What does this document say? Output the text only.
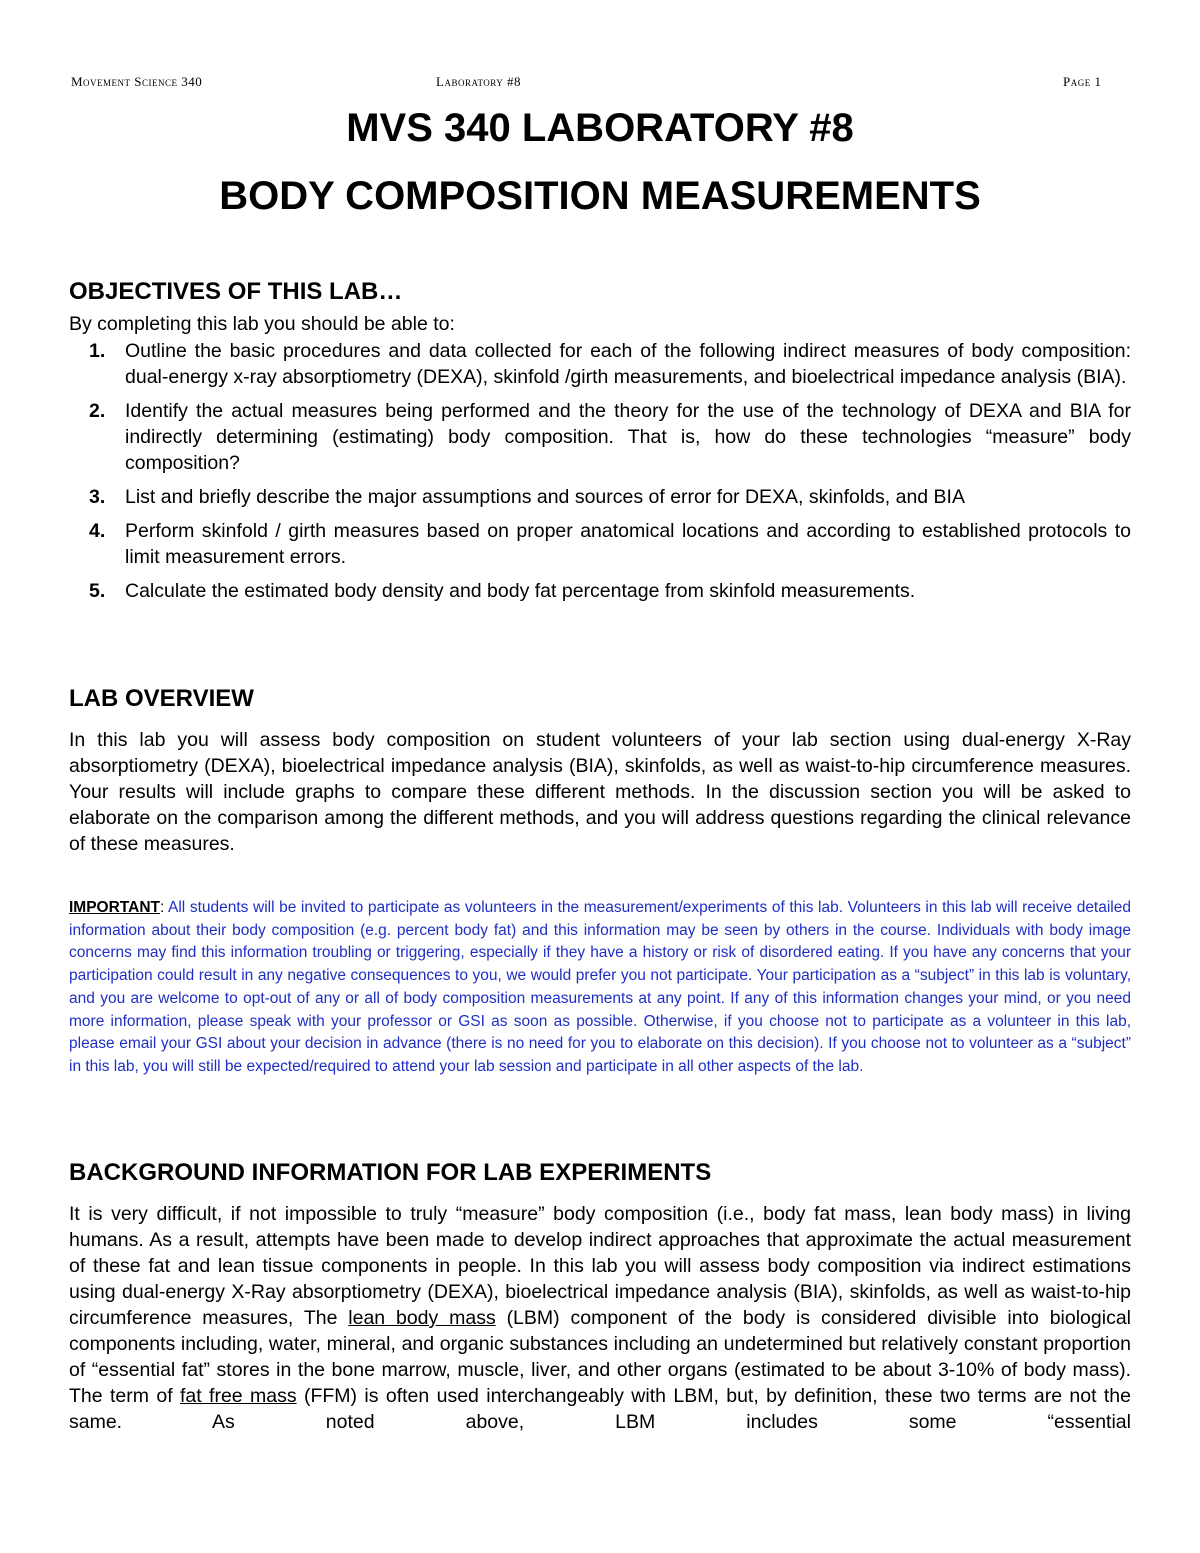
Movement Science 340	Laboratory #8	Page 1
MVS 340 LABORATORY #8
BODY COMPOSITION MEASUREMENTS
OBJECTIVES OF THIS LAB…
By completing this lab you should be able to:
1. Outline the basic procedures and data collected for each of the following indirect measures of body composition: dual-energy x-ray absorptiometry (DEXA), skinfold /girth measurements, and bioelectrical impedance analysis (BIA).
2. Identify the actual measures being performed and the theory for the use of the technology of DEXA and BIA for indirectly determining (estimating) body composition. That is, how do these technologies “measure” body composition?
3. List and briefly describe the major assumptions and sources of error for DEXA, skinfolds, and BIA
4. Perform skinfold / girth measures based on proper anatomical locations and according to established protocols to limit measurement errors.
5. Calculate the estimated body density and body fat percentage from skinfold measurements.
LAB OVERVIEW
In this lab you will assess body composition on student volunteers of your lab section using dual-energy X-Ray absorptiometry (DEXA), bioelectrical impedance analysis (BIA), skinfolds, as well as waist-to-hip circumference measures. Your results will include graphs to compare these different methods. In the discussion section you will be asked to elaborate on the comparison among the different methods, and you will address questions regarding the clinical relevance of these measures.
IMPORTANT: All students will be invited to participate as volunteers in the measurement/experiments of this lab. Volunteers in this lab will receive detailed information about their body composition (e.g. percent body fat) and this information may be seen by others in the course. Individuals with body image concerns may find this information troubling or triggering, especially if they have a history or risk of disordered eating. If you have any concerns that your participation could result in any negative consequences to you, we would prefer you not participate. Your participation as a “subject” in this lab is voluntary, and you are welcome to opt-out of any or all of body composition measurements at any point. If any of this information changes your mind, or you need more information, please speak with your professor or GSI as soon as possible. Otherwise, if you choose not to participate as a volunteer in this lab, please email your GSI about your decision in advance (there is no need for you to elaborate on this decision). If you choose not to volunteer as a “subject” in this lab, you will still be expected/required to attend your lab session and participate in all other aspects of the lab.
BACKGROUND INFORMATION FOR LAB EXPERIMENTS
It is very difficult, if not impossible to truly “measure” body composition (i.e., body fat mass, lean body mass) in living humans. As a result, attempts have been made to develop indirect approaches that approximate the actual measurement of these fat and lean tissue components in people. In this lab you will assess body composition via indirect estimations using dual-energy X-Ray absorptiometry (DEXA), bioelectrical impedance analysis (BIA), skinfolds, as well as waist-to-hip circumference measures, The lean body mass (LBM) component of the body is considered divisible into biological components including, water, mineral, and organic substances including an undetermined but relatively constant proportion of “essential fat” stores in the bone marrow, muscle, liver, and other organs (estimated to be about 3-10% of body mass). The term of fat free mass (FFM) is often used interchangeably with LBM, but, by definition, these two terms are not the same. As noted above, LBM includes some “essential
